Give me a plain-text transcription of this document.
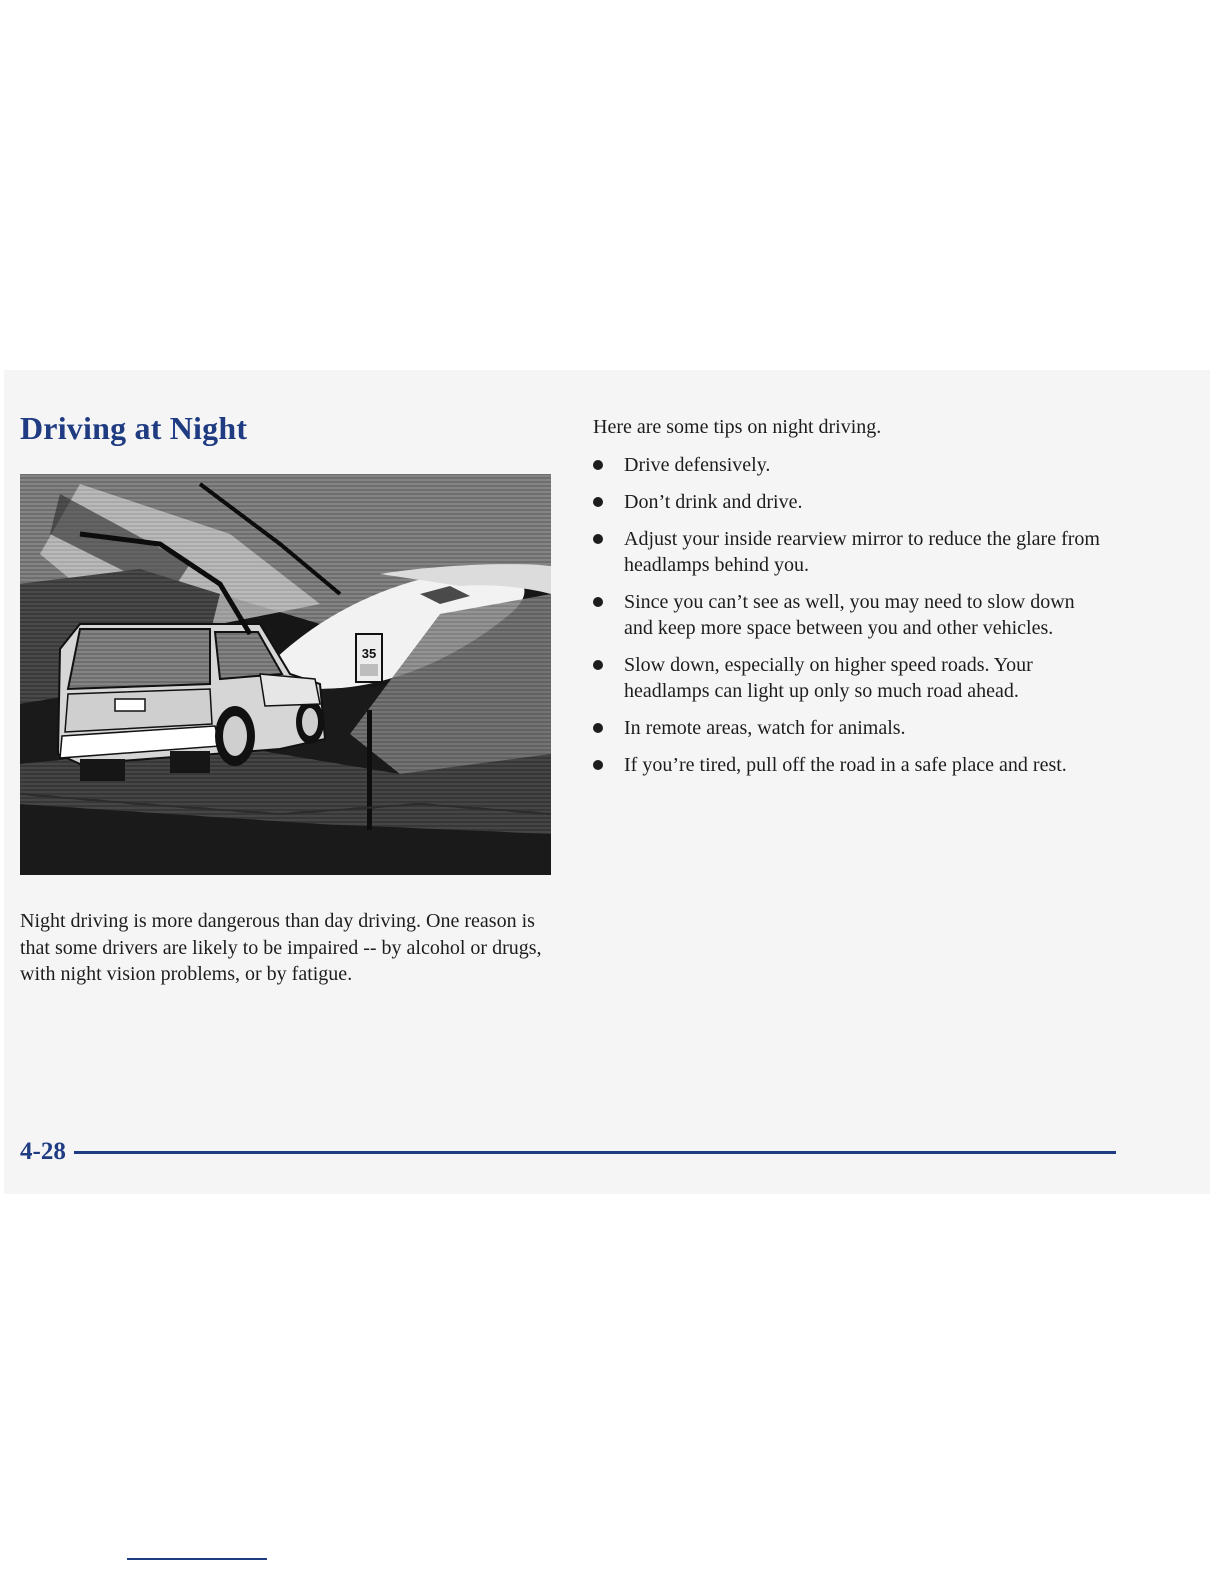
Driving at Night
35

Night driving is more dangerous than day driving. One reason is that some drivers are likely to be impaired -- by alcohol or drugs, with night vision problems, or by fatigue.

Here are some tips on night driving.

Drive defensively.
Don’t drink and drive.
Adjust your inside rearview mirror to reduce the glare from headlamps behind you.
Since you can’t see as well, you may need to slow down and keep more space between you and other vehicles.
Slow down, especially on higher speed roads. Your headlamps can light up only so much road ahead.
In remote areas, watch for animals.
If you’re tired, pull off the road in a safe place and rest.
4-28
